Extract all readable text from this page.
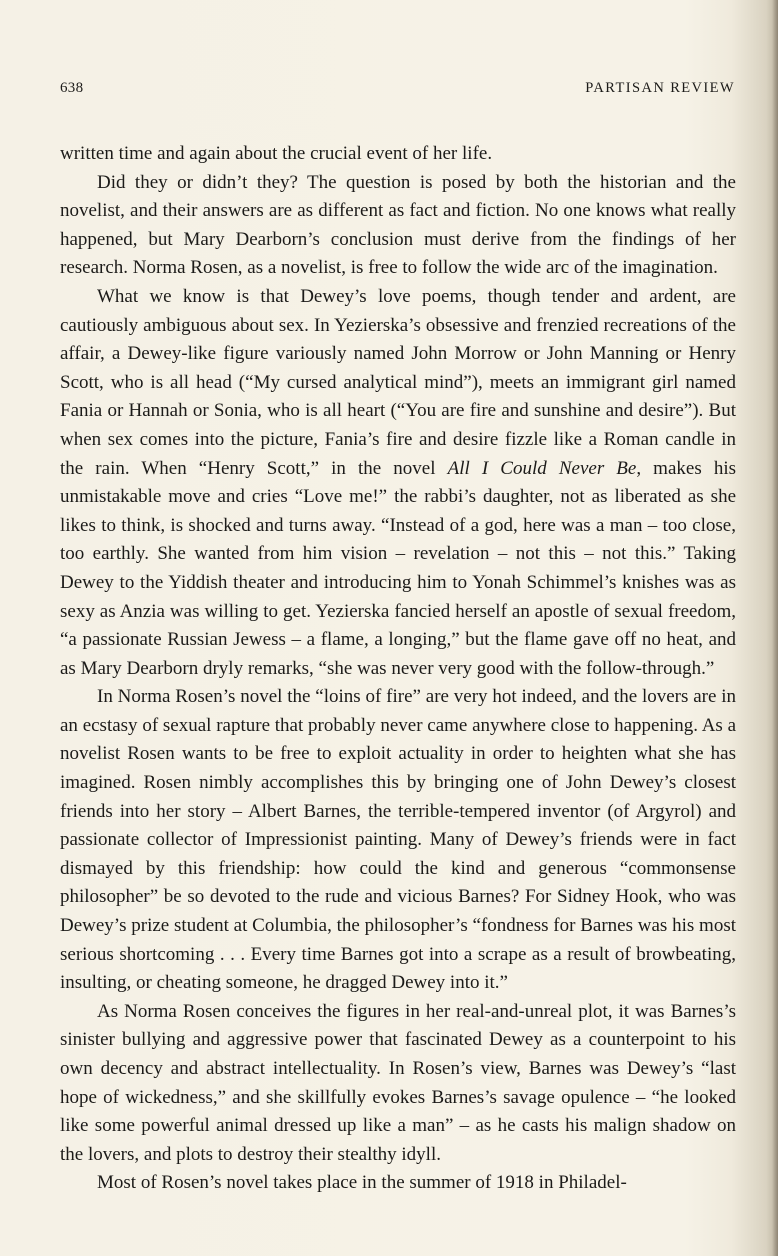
638	PARTISAN REVIEW

written time and again about the crucial event of her life.

Did they or didn’t they? The question is posed by both the historian and the novelist, and their answers are as different as fact and fiction. No one knows what really happened, but Mary Dearborn’s conclusion must derive from the findings of her research. Norma Rosen, as a novelist, is free to follow the wide arc of the imagination.

What we know is that Dewey’s love poems, though tender and ardent, are cautiously ambiguous about sex. In Yezierska’s obsessive and frenzied recreations of the affair, a Dewey-like figure variously named John Morrow or John Manning or Henry Scott, who is all head (“My cursed analytical mind”), meets an immigrant girl named Fania or Hannah or Sonia, who is all heart (“You are fire and sunshine and desire”). But when sex comes into the picture, Fania’s fire and desire fizzle like a Roman candle in the rain. When “Henry Scott,” in the novel All I Could Never Be, makes his unmistakable move and cries “Love me!” the rabbi’s daughter, not as liberated as she likes to think, is shocked and turns away. “Instead of a god, here was a man – too close, too earthly. She wanted from him vision – revelation – not this – not this.” Taking Dewey to the Yiddish theater and introducing him to Yonah Schimmel’s knishes was as sexy as Anzia was willing to get. Yezierska fancied herself an apostle of sexual freedom, “a passionate Russian Jewess – a flame, a longing,” but the flame gave off no heat, and as Mary Dearborn dryly remarks, “she was never very good with the follow-through.”

In Norma Rosen’s novel the “loins of fire” are very hot indeed, and the lovers are in an ecstasy of sexual rapture that probably never came anywhere close to happening. As a novelist Rosen wants to be free to exploit actuality in order to heighten what she has imagined. Rosen nimbly accomplishes this by bringing one of John Dewey’s closest friends into her story – Albert Barnes, the terrible-tempered inventor (of Argyrol) and passionate collector of Impressionist painting. Many of Dewey’s friends were in fact dismayed by this friendship: how could the kind and generous “commonsense philosopher” be so devoted to the rude and vicious Barnes? For Sidney Hook, who was Dewey’s prize student at Columbia, the philosopher’s “fondness for Barnes was his most serious shortcoming . . . Every time Barnes got into a scrape as a result of browbeating, insulting, or cheating someone, he dragged Dewey into it.”

As Norma Rosen conceives the figures in her real-and-unreal plot, it was Barnes’s sinister bullying and aggressive power that fascinated Dewey as a counterpoint to his own decency and abstract intellectuality. In Rosen’s view, Barnes was Dewey’s “last hope of wickedness,” and she skillfully evokes Barnes’s savage opulence – “he looked like some powerful animal dressed up like a man” – as he casts his malign shadow on the lovers, and plots to destroy their stealthy idyll.

Most of Rosen’s novel takes place in the summer of 1918 in Philadel-
